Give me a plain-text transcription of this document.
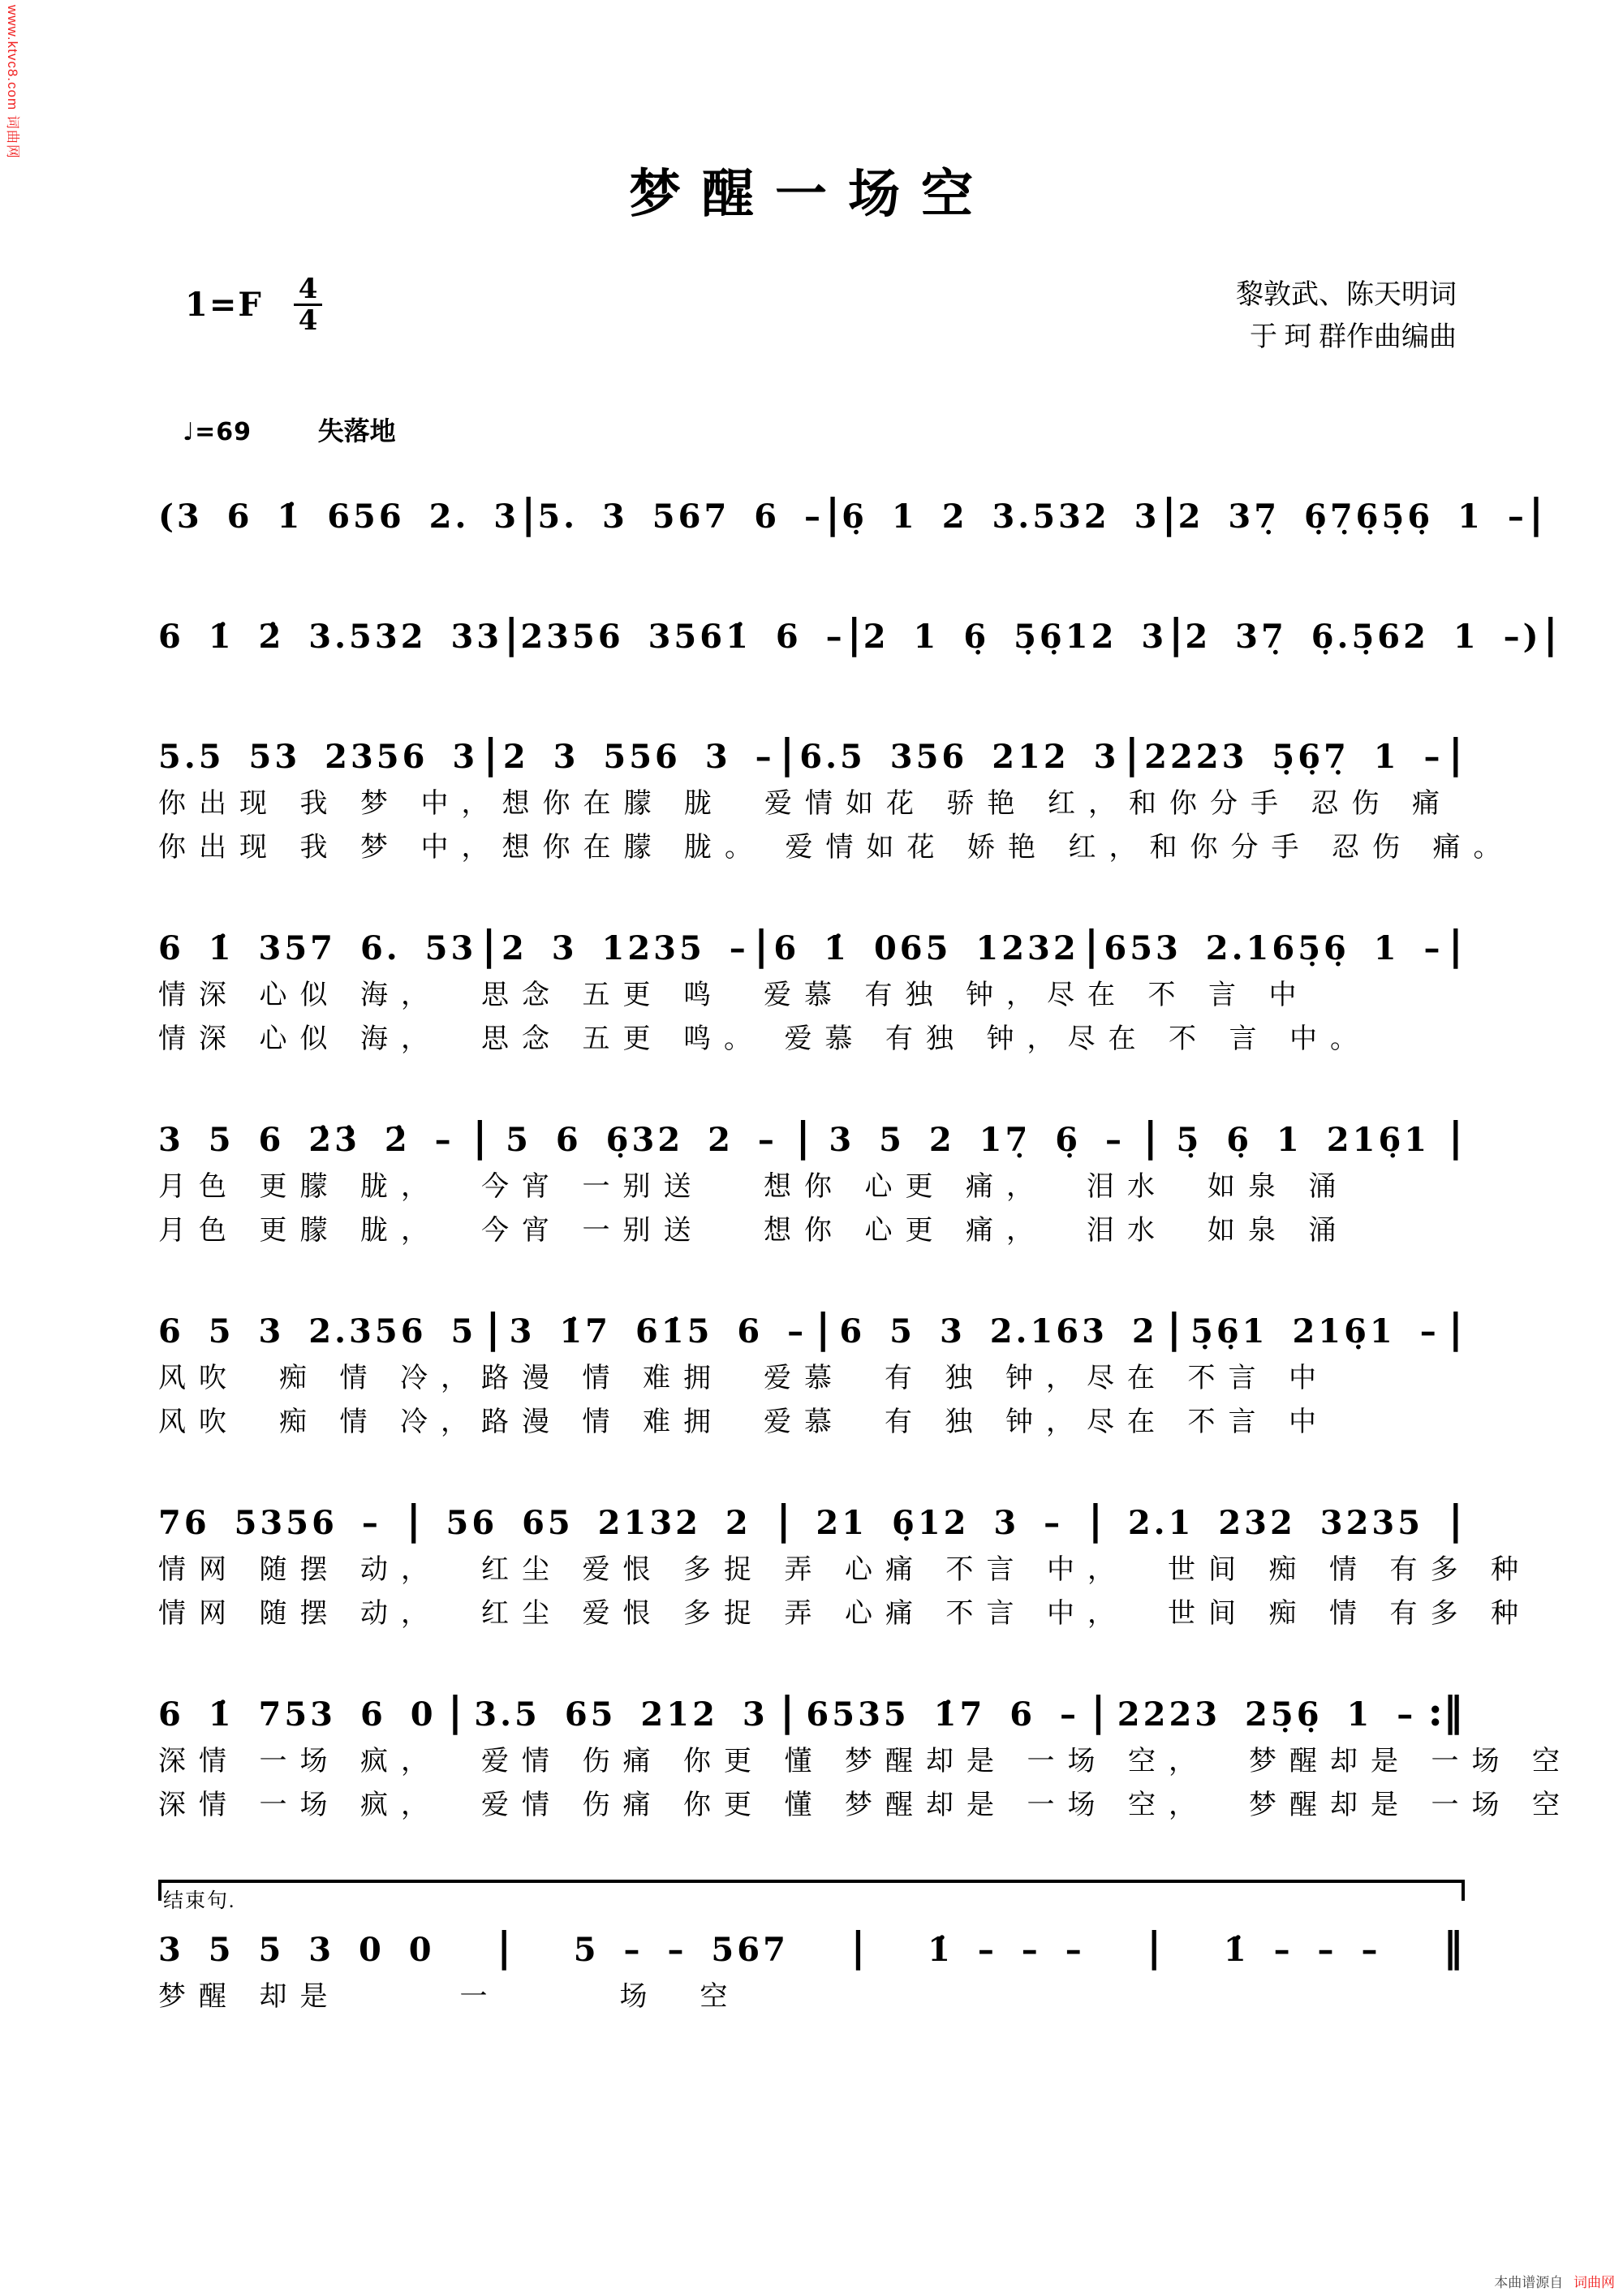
www.ktvc8.com 词曲网
梦醒一场空
$1=F \frac{4}{4}$	黎敦武、陈天明词
于 珂 群作曲编曲
♩=69	失落地
(3 6 1̇ 656 2. 3 | 5. 3 567 6 – | 6̣ 1 2 3.532 3 | 2 37̣ 6̣7̣6̣5̣6̣ 1 – |
6 1̇ 2̇ 3.532 33 | 2356 3561̇ 6 – | 2 1 6̣ 5̣6̣12 3 | 2 37̣ 6̣.5̣62 1 –) |
5.5 53 2356 3 | 2 3 556 3 – | 6.5 356 212 3 | 2223 5̣6̣7̣ 1 – |
你出现 我 梦 中，想你在朦 胧  爱情如花 骄艳 红，和你分手 忍伤 痛
你出现 我 梦 中，想你在朦 胧。 爱情如花 娇艳 红，和你分手 忍伤 痛。
6 1̇ 357 6. 53 | 2 3 1235 – | 6 1̇ 065 1232 | 653 2.165̣6̣ 1 – |
情深 心似 海，  思念 五更 鸣  爱慕 有独 钟，尽在 不 言 中
情深 心似 海，  思念 五更 鸣。 爱慕 有独 钟，尽在 不 言 中。
3 5 6 2̇3̇ 2̇ – | 5 6 6̣32 2 – | 3 5 2 17̣ 6̣ – | 5̣ 6̣ 1 216̣1 |
月色 更朦 胧，  今宵 一别送   想你 心更 痛，  泪水  如泉 涌
月色 更朦 胧，  今宵 一别送   想你 心更 痛，  泪水  如泉 涌
6 5 3 2.356 5 | 3 1̇7 61̇5 6 – | 6 5 3 2.163 2 | 5̣6̣1 216̣1 – |
风吹  痴 情 冷，路漫 情 难拥  爱慕  有 独 钟，尽在 不言 中
风吹  痴 情 冷，路漫 情 难拥  爱慕  有 独 钟，尽在 不言 中
76 5356 – | 56 65 2132 2 | 21 6̣12 3 – | 2.1 232 3235 |
情网 随摆 动，  红尘 爱恨 多捉 弄 心痛 不言 中，  世间 痴 情 有多 种
情网 随摆 动，  红尘 爱恨 多捉 弄 心痛 不言 中，  世间 痴 情 有多 种
6 1̇ 753 6 0 | 3.5 65 212 3 | 6535 1̇7 6 – | 2223 25̣6̣ 1 – :‖
深情 一场 疯，  爱情 伤痛 你更 懂 梦醒却是 一场 空，  梦醒却是 一场 空
深情 一场 疯，  爱情 伤痛 你更 懂 梦醒却是 一场 空，  梦醒却是 一场 空
结束句.
3 5 5 3 0 0 | 5 – – 567 | 1̇ – – – | 1̇ – – – ‖
梦醒 却是      一      场  空
本曲谱源自 词曲网
